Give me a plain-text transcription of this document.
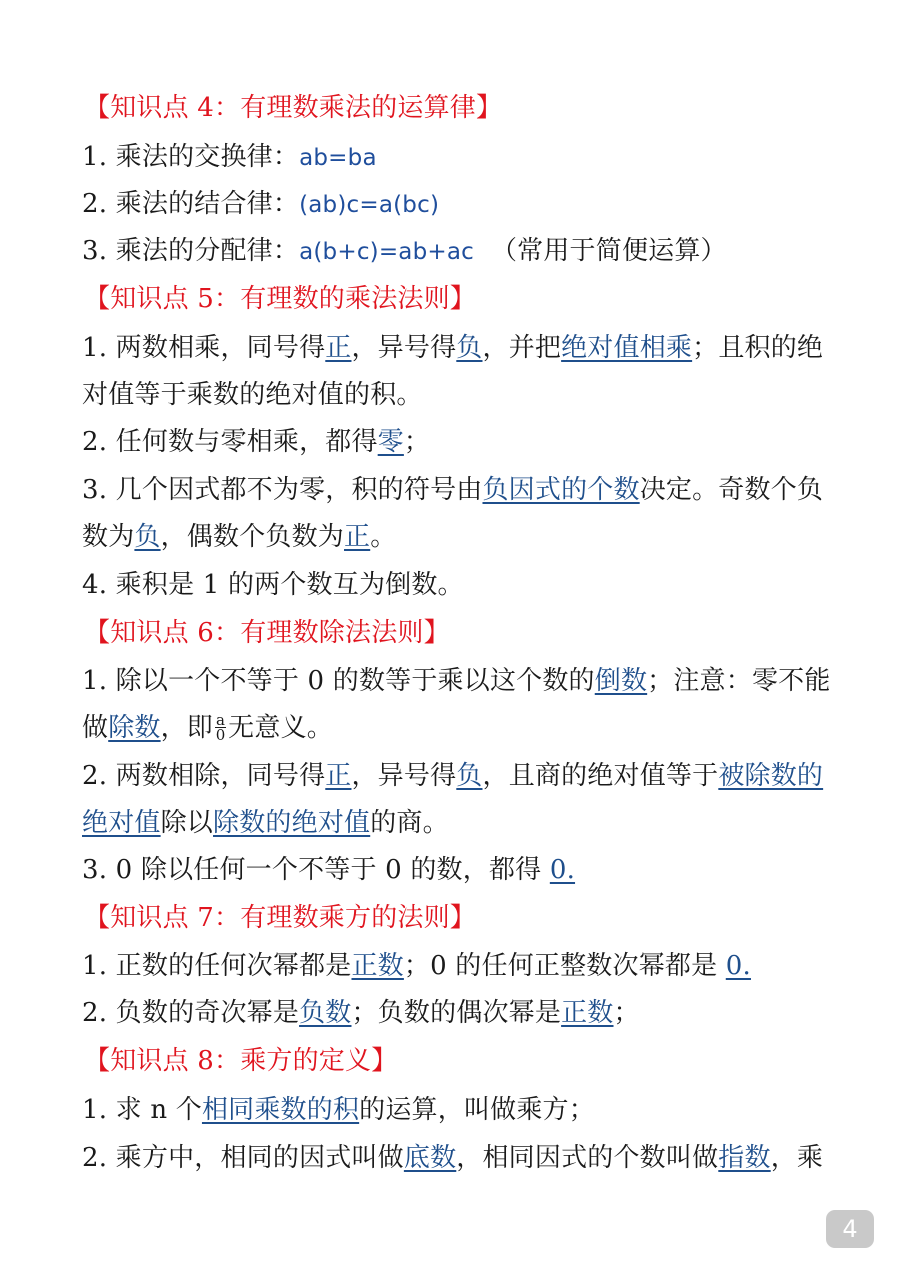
【知识点 4：有理数乘法的运算律】
1. 乘法的交换律：ab=ba
2. 乘法的结合律：(ab)c=a(bc)
3. 乘法的分配律：a(b+c)=ab+ac （常用于简便运算）
【知识点 5：有理数的乘法法则】
1. 两数相乘，同号得正，异号得负，并把绝对值相乘；且积的绝
对值等于乘数的绝对值的积。
2. 任何数与零相乘，都得零；
3. 几个因式都不为零，积的符号由负因式的个数决定。奇数个负
数为负，偶数个负数为正。
4. 乘积是 1 的两个数互为倒数。
【知识点 6：有理数除法法则】
1. 除以一个不等于 0 的数等于乘以这个数的倒数；注意：零不能
做除数，即 $\frac{a}{0}$ 无意义。
2. 两数相除，同号得正，异号得负，且商的绝对值等于被除数的
绝对值除以除数的绝对值的商。
3. 0 除以任何一个不等于 0 的数，都得 0.
【知识点 7：有理数乘方的法则】
1. 正数的任何次幂都是正数；0 的任何正整数次幂都是 0.
2. 负数的奇次幂是负数；负数的偶次幂是正数；
【知识点 8：乘方的定义】
1. 求 n 个相同乘数的积的运算，叫做乘方；
2. 乘方中，相同的因式叫做底数，相同因式的个数叫做指数，乘
4
